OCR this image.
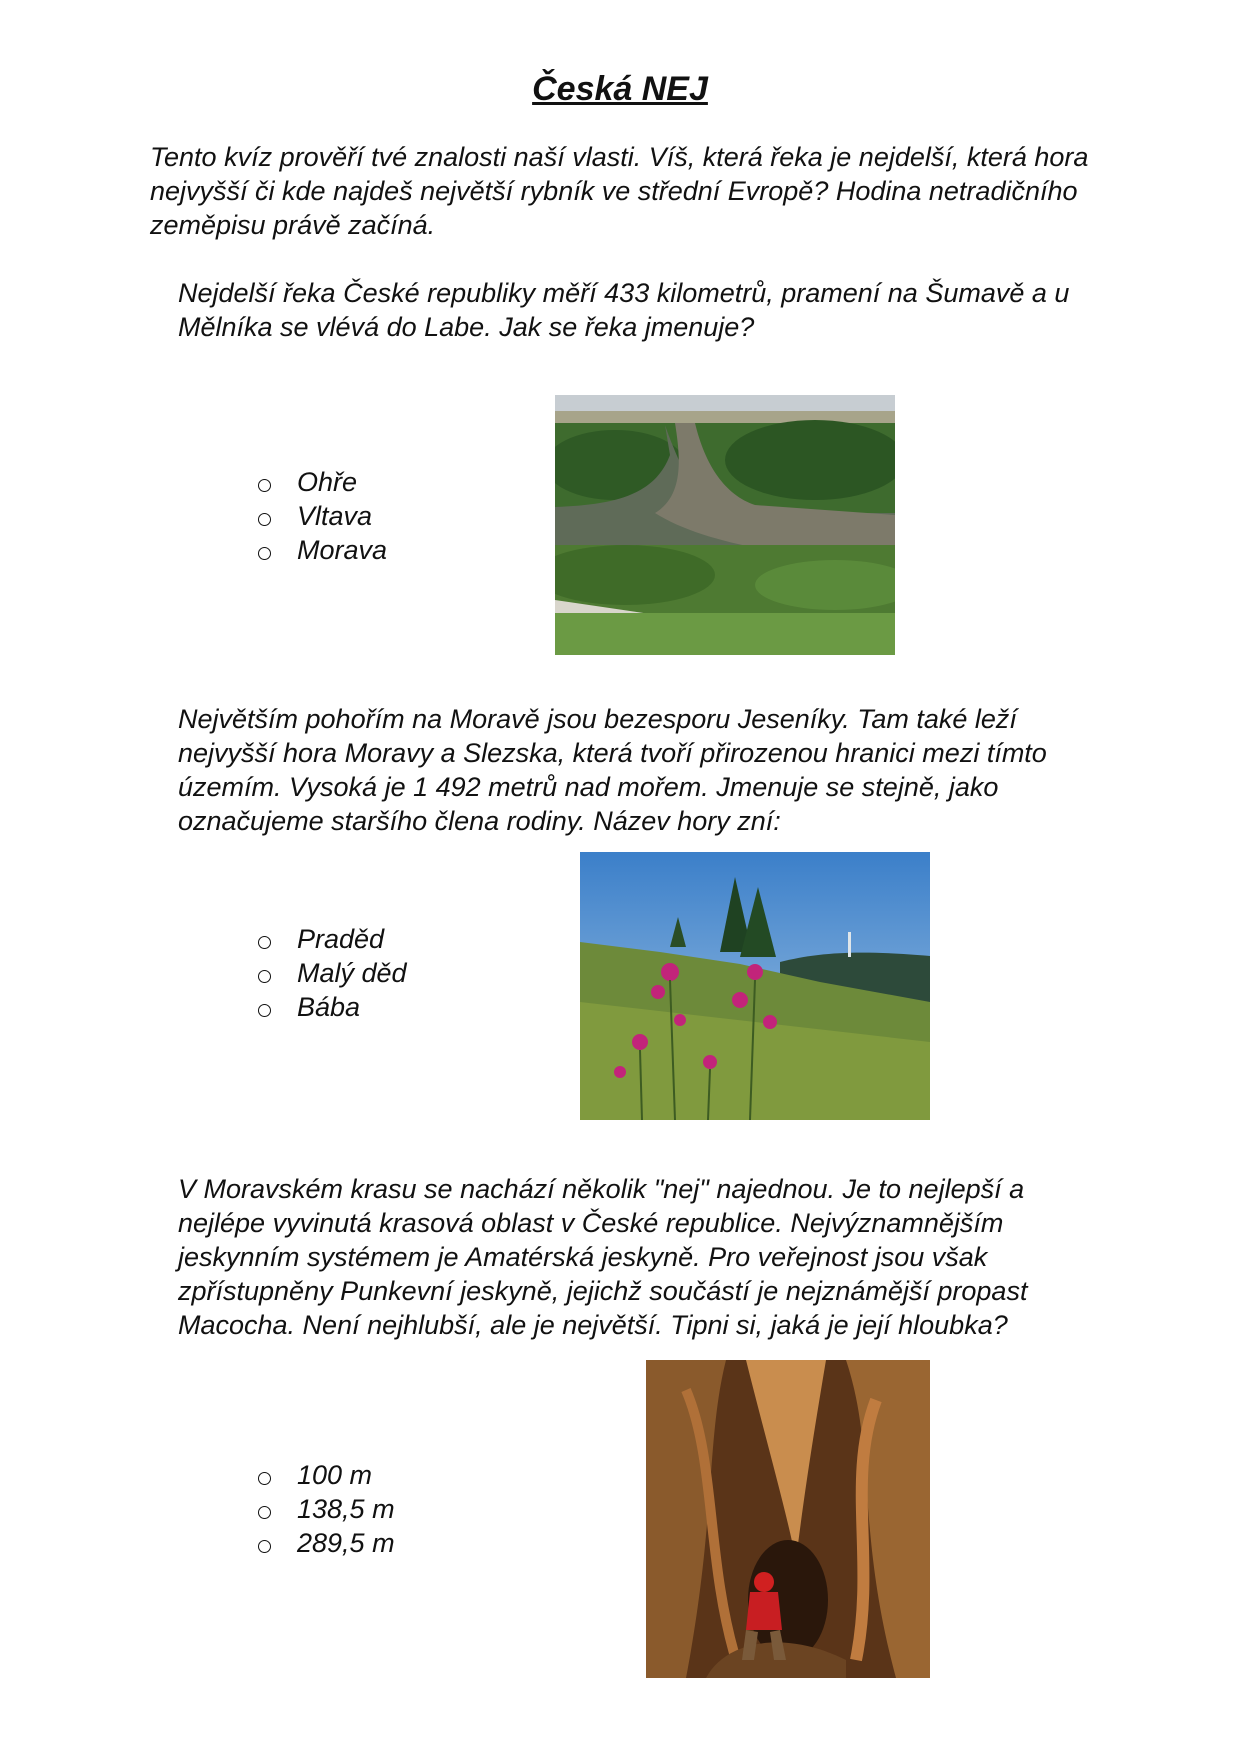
Česká NEJ

Tento kvíz prověří tvé znalosti naší vlasti. Víš, která řeka je nejdelší, která hora nejvyšší či kde najdeš největší rybník ve střední Evropě? Hodina netradičního zeměpisu právě začíná.

Nejdelší řeka České republiky měří 433 kilometrů, pramení na Šumavě a u Mělníka se vlévá do Labe. Jak se řeka jmenuje?

Ohře
Vltava
Morava

Největším pohořím na Moravě jsou bezesporu Jeseníky. Tam také leží nejvyšší hora Moravy a Slezska, která tvoří přirozenou hranici mezi tímto územím. Vysoká je 1 492 metrů nad mořem. Jmenuje se stejně, jako označujeme staršího člena rodiny. Název hory zní:

Praděd
Malý děd
Bába

V Moravském krasu se nachází několik "nej" najednou. Je to nejlepší a nejlépe vyvinutá krasová oblast v České republice. Nejvýznamnějším jeskynním systémem je Amatérská jeskyně. Pro veřejnost jsou však zpřístupněny Punkevní jeskyně, jejichž součástí je nejznámější propast Macocha. Není nejhlubší, ale je největší. Tipni si, jaká je její hloubka?

100 m
138,5 m
289,5 m
